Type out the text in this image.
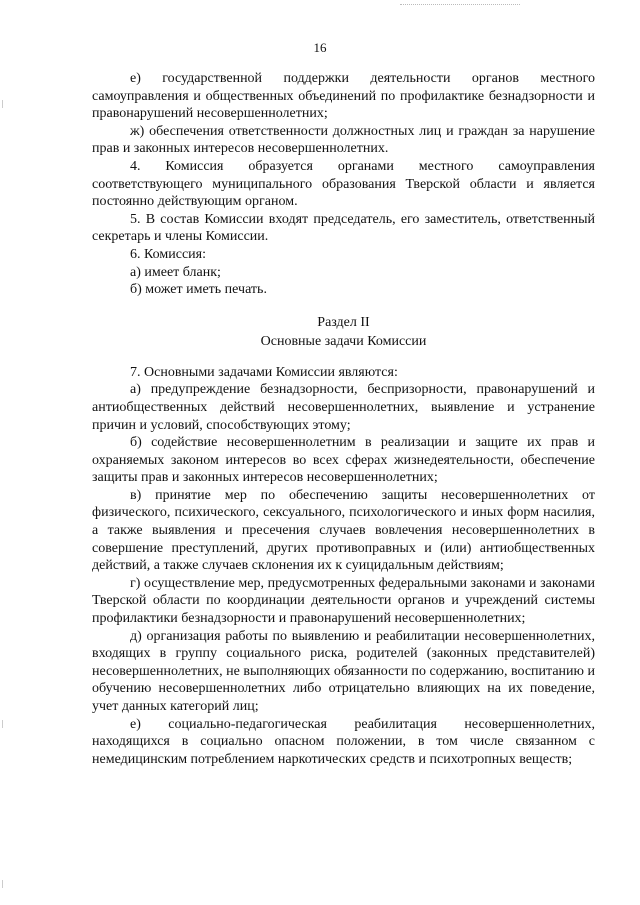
16

е) государственной поддержки деятельности органов местного самоуправления и общественных объединений по профилактике безнадзорности и правонарушений несовершеннолетних;

ж) обеспечения ответственности должностных лиц и граждан за нарушение прав и законных интересов несовершеннолетних.

4. Комиссия образуется органами местного самоуправления соответствующего муниципального образования Тверской области и является постоянно действующим органом.

5. В состав Комиссии входят председатель, его заместитель, ответственный секретарь и члены Комиссии.

6. Комиссия:

а) имеет бланк;

б) может иметь печать.

Раздел II
Основные задачи Комиссии

7. Основными задачами Комиссии являются:

а) предупреждение безнадзорности, беспризорности, правонарушений и антиобщественных действий несовершеннолетних, выявление и устранение причин и условий, способствующих этому;

б) содействие несовершеннолетним в реализации и защите их прав и охраняемых законом интересов во всех сферах жизнедеятельности, обеспечение защиты прав и законных интересов несовершеннолетних;

в) принятие мер по обеспечению защиты несовершеннолетних от физического, психического, сексуального, психологического и иных форм насилия, а также выявления и пресечения случаев вовлечения несовершеннолетних в совершение преступлений, других противоправных и (или) антиобщественных действий, а также случаев склонения их к суицидальным действиям;

г) осуществление мер, предусмотренных федеральными законами и законами Тверской области по координации деятельности органов и учреждений системы профилактики безнадзорности и правонарушений несовершеннолетних;

д) организация работы по выявлению и реабилитации несовершеннолетних, входящих в группу социального риска, родителей (законных представителей) несовершеннолетних, не выполняющих обязанности по содержанию, воспитанию и обучению несовершеннолетних либо отрицательно влияющих на их поведение, учет данных категорий лиц;

е) социально-педагогическая реабилитация несовершеннолетних, находящихся в социально опасном положении, в том числе связанном с немедицинским потреблением наркотических средств и психотропных веществ;
